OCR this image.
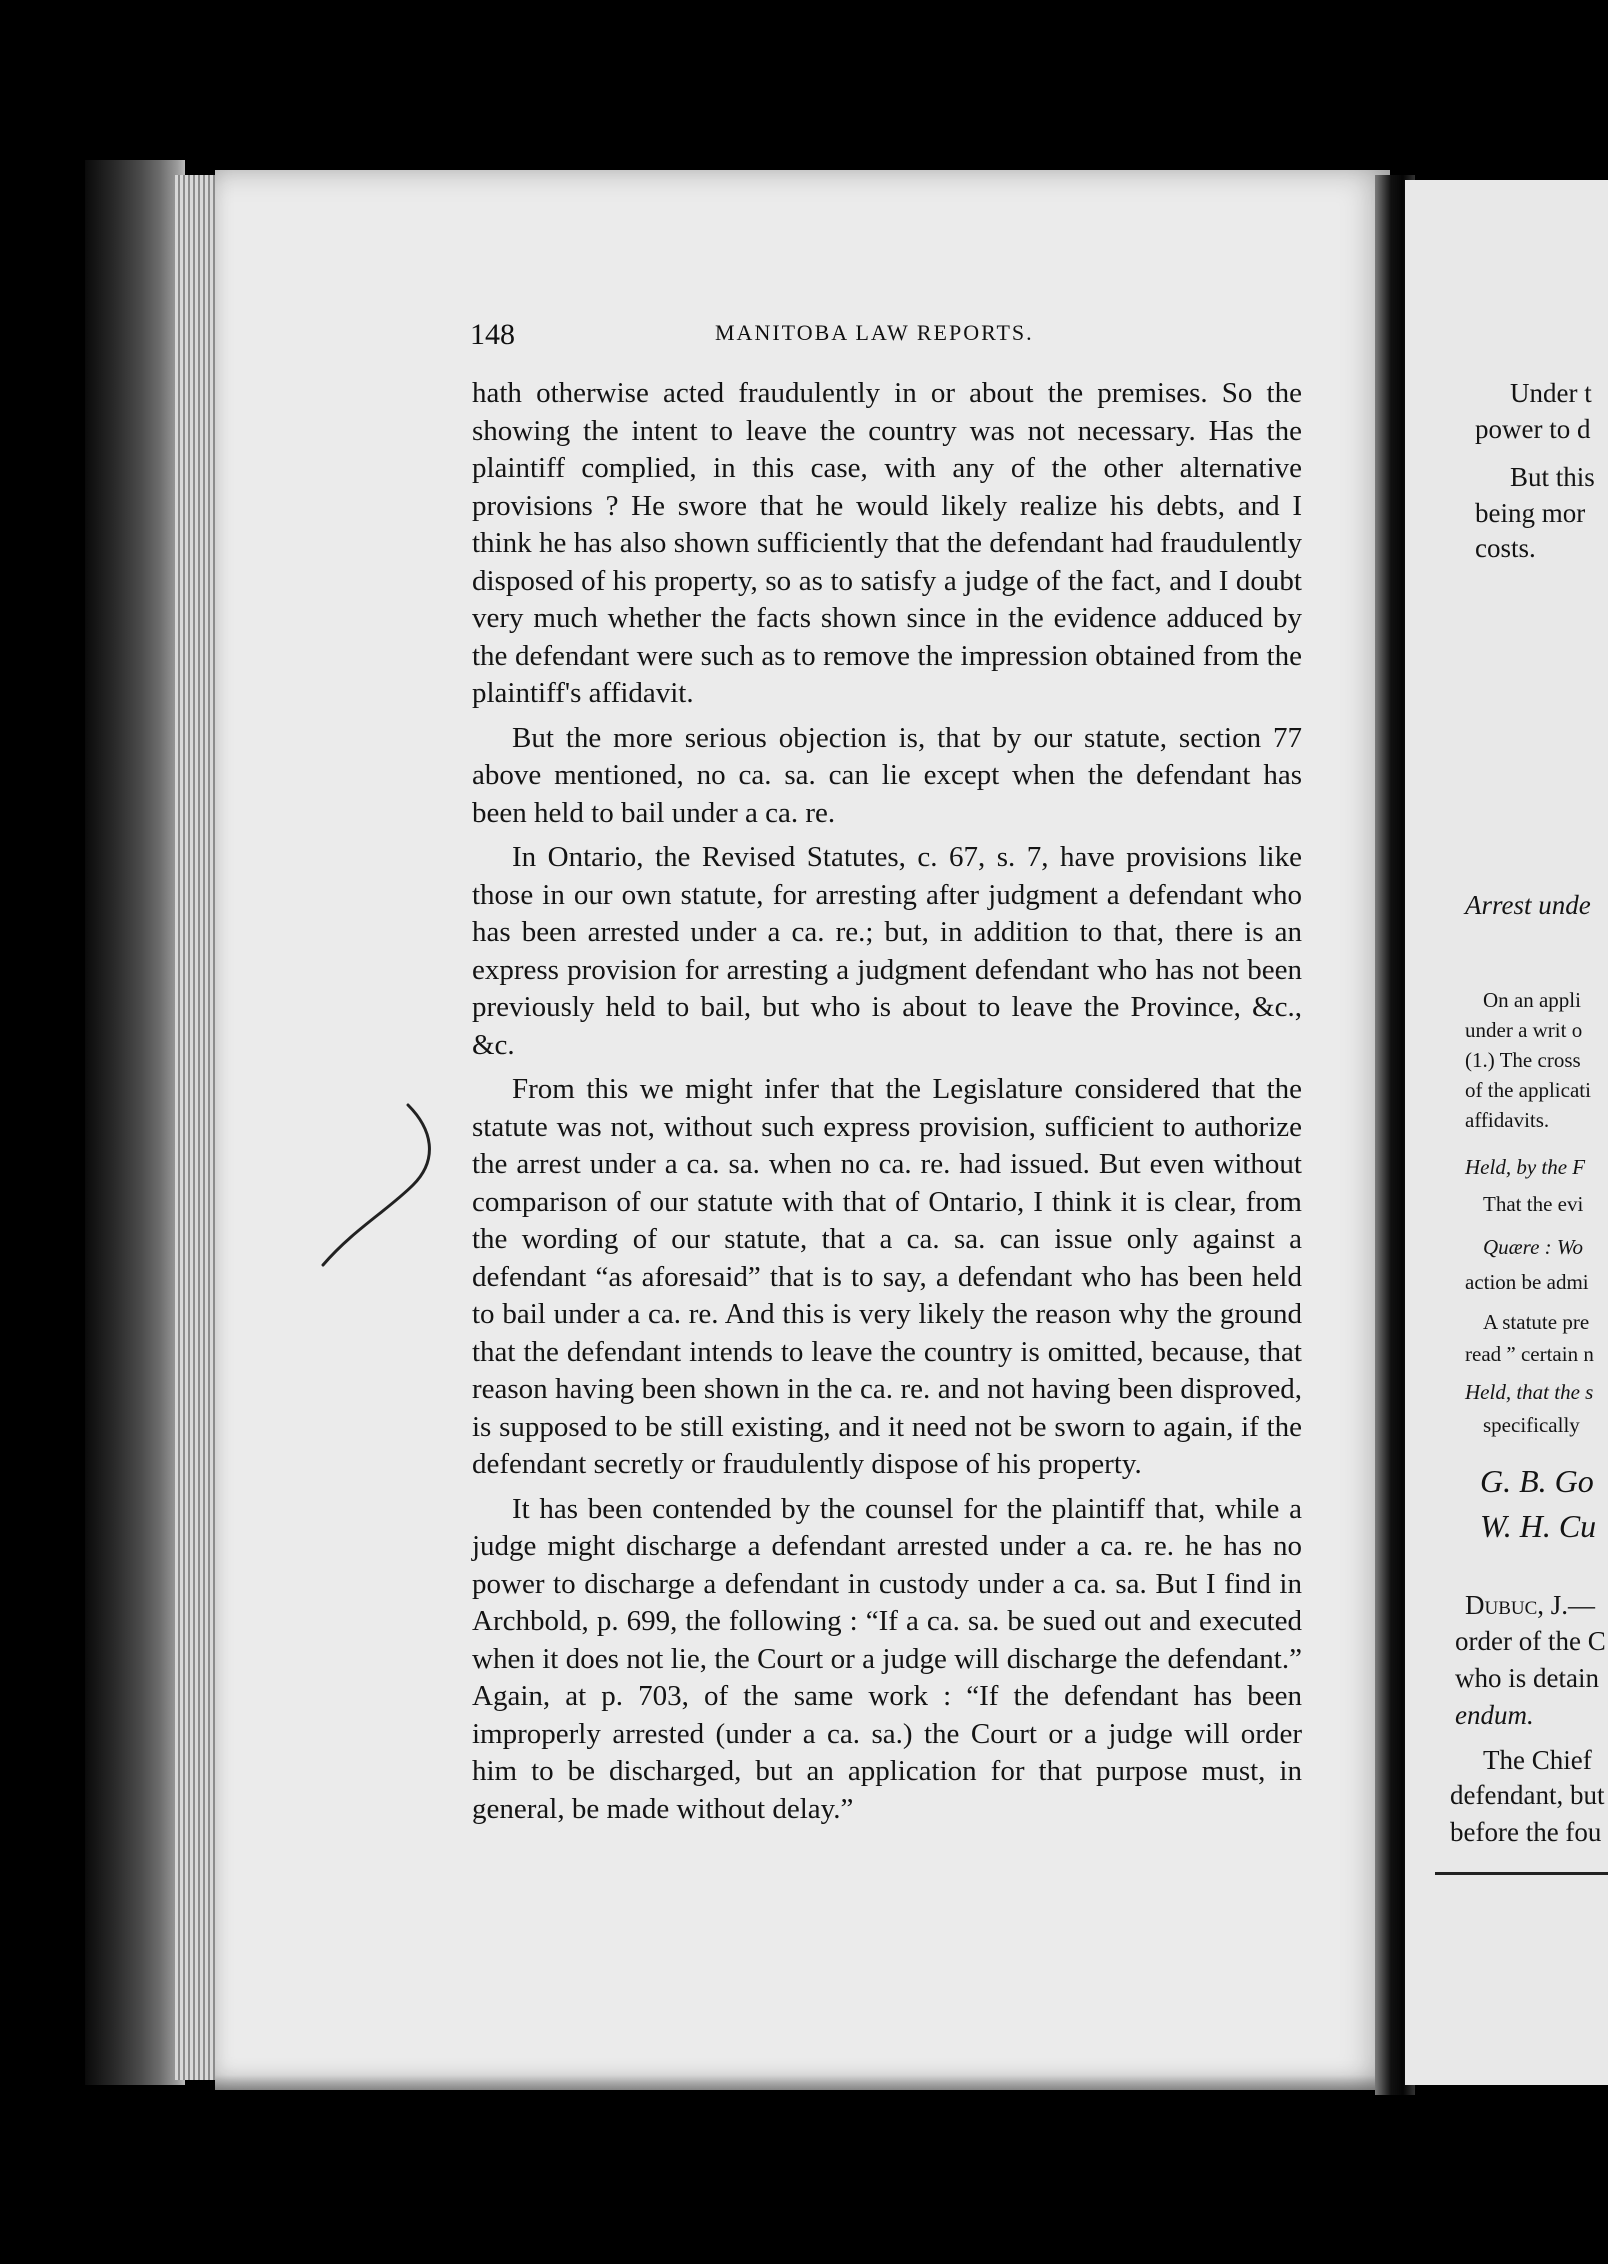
148	MANITOBA LAW REPORTS.

hath otherwise acted fraudulently in or about the premises. So the showing the intent to leave the country was not necessary. Has the plaintiff complied, in this case, with any of the other alternative provisions ? He swore that he would likely realize his debts, and I think he has also shown sufficiently that the defendant had fraudulently disposed of his property, so as to satisfy a judge of the fact, and I doubt very much whether the facts shown since in the evidence adduced by the defendant were such as to remove the impression obtained from the plaintiff's affidavit.

But the more serious objection is, that by our statute, section 77 above mentioned, no ca. sa. can lie except when the defendant has been held to bail under a ca. re.

In Ontario, the Revised Statutes, c. 67, s. 7, have provisions like those in our own statute, for arresting after judgment a defendant who has been arrested under a ca. re.; but, in addition to that, there is an express provision for arresting a judgment defendant who has not been previously held to bail, but who is about to leave the Province, &c., &c.

From this we might infer that the Legislature considered that the statute was not, without such express provision, sufficient to authorize the arrest under a ca. sa. when no ca. re. had issued. But even without comparison of our statute with that of Ontario, I think it is clear, from the wording of our statute, that a ca. sa. can issue only against a defendant “as aforesaid” that is to say, a defendant who has been held to bail under a ca. re. And this is very likely the reason why the ground that the defendant intends to leave the country is omitted, because, that reason having been shown in the ca. re. and not having been disproved, is supposed to be still existing, and it need not be sworn to again, if the defendant secretly or fraudulently dispose of his property.

It has been contended by the counsel for the plaintiff that, while a judge might discharge a defendant arrested under a ca. re. he has no power to discharge a defendant in custody under a ca. sa. But I find in Archbold, p. 699, the following : “If a ca. sa. be sued out and executed when it does not lie, the Court or a judge will discharge the defendant.” Again, at p. 703, of the same work : “If the defendant has been improperly arrested (under a ca. sa.) the Court or a judge will order him to be discharged, but an application for that purpose must, in general, be made without delay.”

Under t
power to d
But this
being mor
costs.
Arrest unde
On an appli
under a writ o
(1.) The cross
of the applicati
affidavits.
Held, by the F
That the evi
Quære : Wo
action be admi
A statute pre
read ” certain n
Held, that the s
specifically
G. B. Go
W. H. Cu
Dubuc, J.—
order of the C
who is detain
endum.
The Chief
defendant, but
before the fou
